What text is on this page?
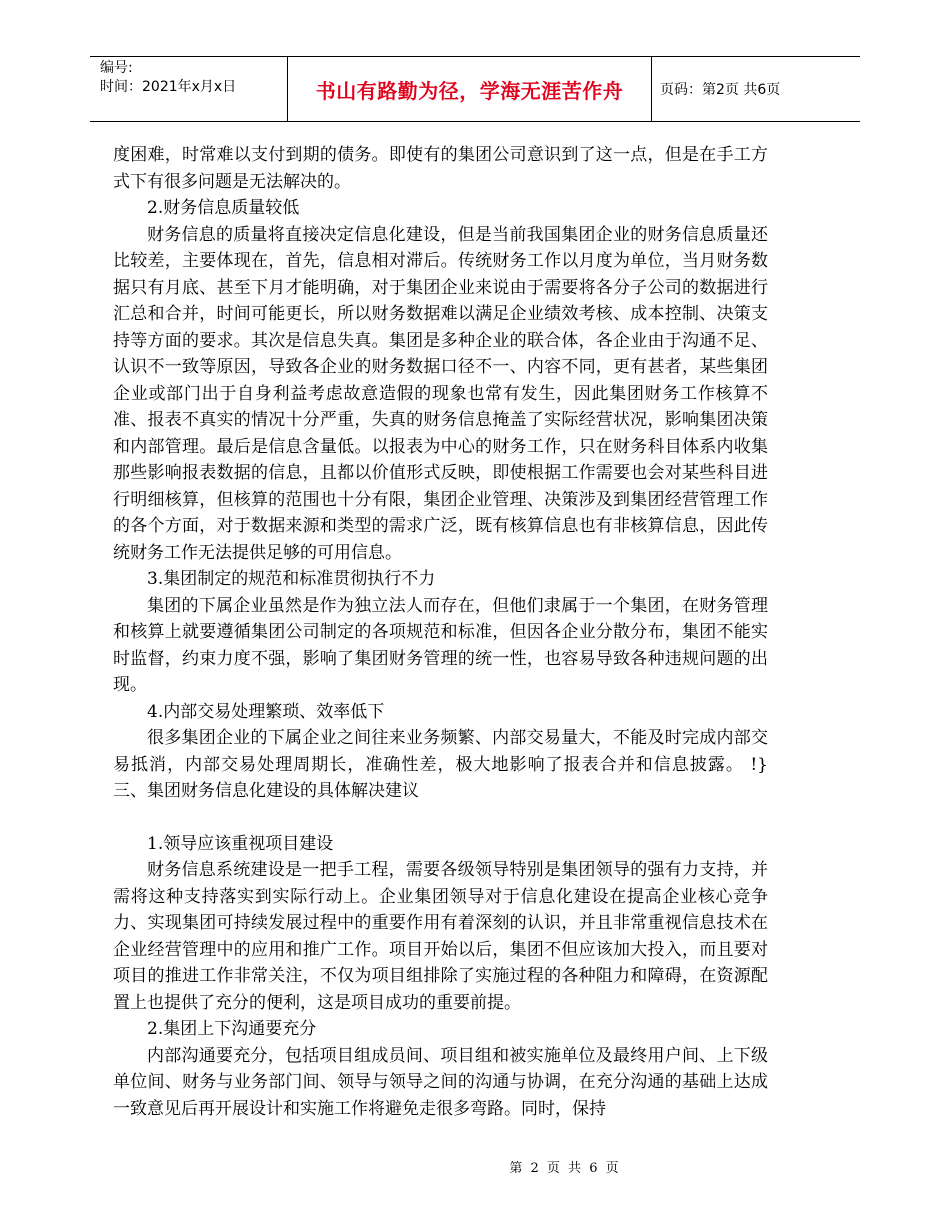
编号:
时间：2021年x月x日	书山有路勤为径，学海无涯苦作舟	页码：第2页 共6页

度困难，时常难以支付到期的债务。即使有的集团公司意识到了这一点，但是在手工方式下有很多问题是无法解决的。

2.财务信息质量较低

财务信息的质量将直接决定信息化建设，但是当前我国集团企业的财务信息质量还比较差，主要体现在，首先，信息相对滞后。传统财务工作以月度为单位，当月财务数据只有月底、甚至下月才能明确，对于集团企业来说由于需要将各分子公司的数据进行汇总和合并，时间可能更长，所以财务数据难以满足企业绩效考核、成本控制、决策支持等方面的要求。其次是信息失真。集团是多种企业的联合体，各企业由于沟通不足、认识不一致等原因，导致各企业的财务数据口径不一、内容不同，更有甚者，某些集团企业或部门出于自身利益考虑故意造假的现象也常有发生，因此集团财务工作核算不准、报表不真实的情况十分严重，失真的财务信息掩盖了实际经营状况，影响集团决策和内部管理。最后是信息含量低。以报表为中心的财务工作，只在财务科目体系内收集那些影响报表数据的信息，且都以价值形式反映，即使根据工作需要也会对某些科目进行明细核算，但核算的范围也十分有限，集团企业管理、决策涉及到集团经营管理工作的各个方面，对于数据来源和类型的需求广泛，既有核算信息也有非核算信息，因此传统财务工作无法提供足够的可用信息。

3.集团制定的规范和标准贯彻执行不力

集团的下属企业虽然是作为独立法人而存在，但他们隶属于一个集团，在财务管理和核算上就要遵循集团公司制定的各项规范和标准，但因各企业分散分布，集团不能实时监督，约束力度不强，影响了集团财务管理的统一性，也容易导致各种违规问题的出现。

4.内部交易处理繁琐、效率低下

很多集团企业的下属企业之间往来业务频繁、内部交易量大，不能及时完成内部交易抵消，内部交易处理周期长，准确性差，极大地影响了报表合并和信息披露。 !} 三、集团财务信息化建设的具体解决建议

1.领导应该重视项目建设

财务信息系统建设是一把手工程，需要各级领导特别是集团领导的强有力支持，并需将这种支持落实到实际行动上。企业集团领导对于信息化建设在提高企业核心竞争力、实现集团可持续发展过程中的重要作用有着深刻的认识，并且非常重视信息技术在企业经营管理中的应用和推广工作。项目开始以后，集团不但应该加大投入，而且要对项目的推进工作非常关注，不仅为项目组排除了实施过程的各种阻力和障碍，在资源配置上也提供了充分的便利，这是项目成功的重要前提。

2.集团上下沟通要充分

内部沟通要充分，包括项目组成员间、项目组和被实施单位及最终用户间、上下级单位间、财务与业务部门间、领导与领导之间的沟通与协调，在充分沟通的基础上达成一致意见后再开展设计和实施工作将避免走很多弯路。同时，保持

第 2 页 共 6 页
